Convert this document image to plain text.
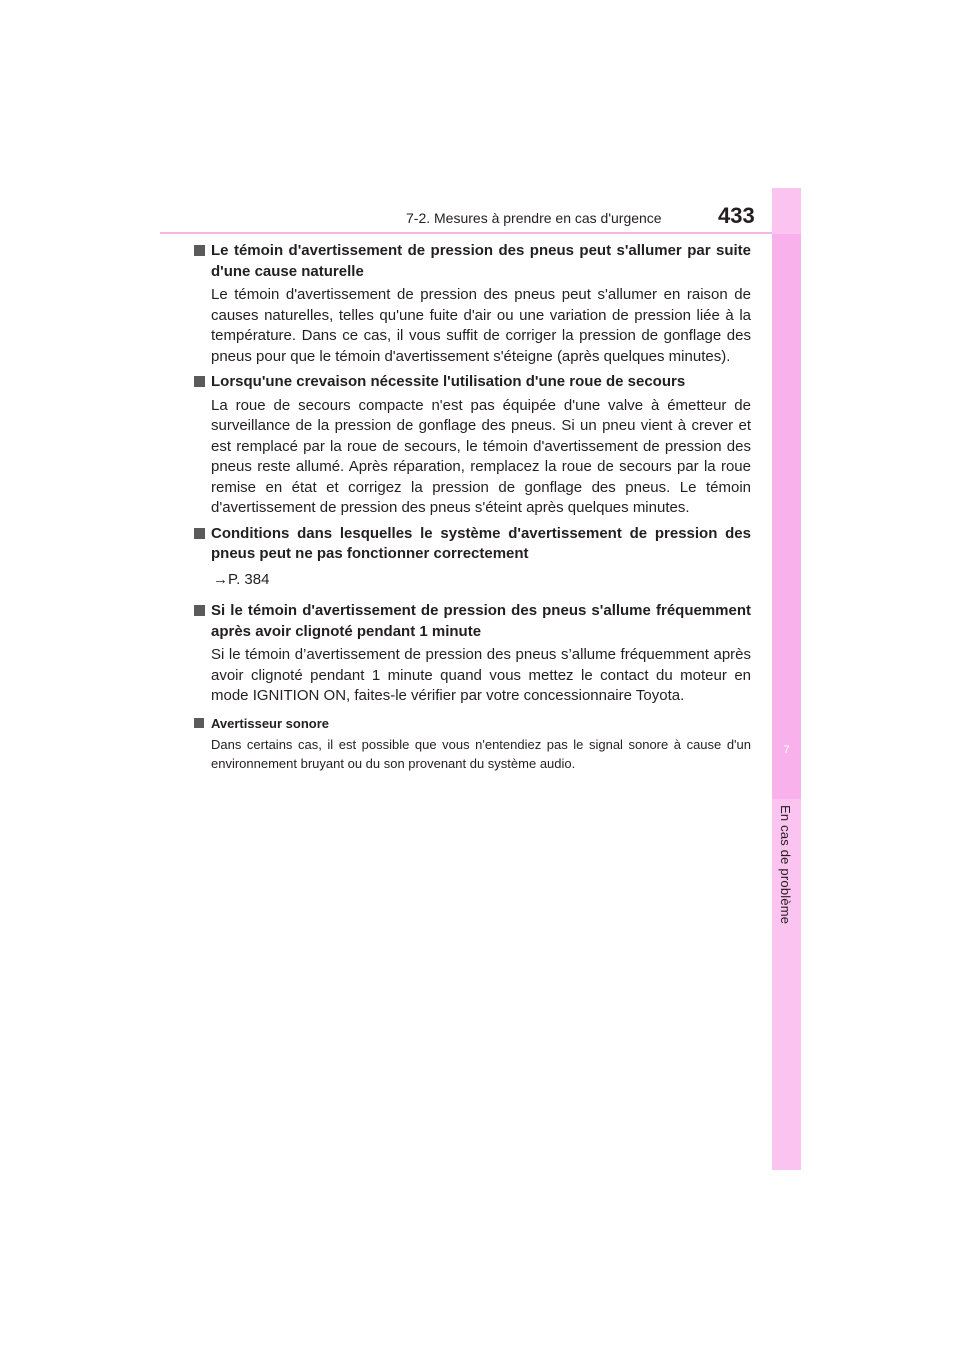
7
En cas de problème
7-2. Mesures à prendre en cas d'urgence	433
Le témoin d'avertissement de pression des pneus peut s'allumer par suite d'une cause naturelle
Le témoin d'avertissement de pression des pneus peut s'allumer en raison de causes naturelles, telles qu'une fuite d'air ou une variation de pression liée à la température. Dans ce cas, il vous suffit de corriger la pression de gonflage des pneus pour que le témoin d'avertissement s'éteigne (après quelques minutes).
Lorsqu'une crevaison nécessite l'utilisation d'une roue de secours
La roue de secours compacte n'est pas équipée d'une valve à émetteur de surveillance de la pression de gonflage des pneus. Si un pneu vient à crever et est remplacé par la roue de secours, le témoin d'avertissement de pression des pneus reste allumé. Après réparation, remplacez la roue de secours par la roue remise en état et corrigez la pression de gonflage des pneus. Le témoin d'avertissement de pression des pneus s'éteint après quelques minutes.
Conditions dans lesquelles le système d'avertissement de pression des pneus peut ne pas fonctionner correctement
→P. 384
Si le témoin d'avertissement de pression des pneus s'allume fréquemment après avoir clignoté pendant 1 minute
Si le témoin d’avertissement de pression des pneus s’allume fréquemment après avoir clignoté pendant 1 minute quand vous mettez le contact du moteur en mode IGNITION ON, faites-le vérifier par votre concessionnaire Toyota.
Avertisseur sonore
Dans certains cas, il est possible que vous n'entendiez pas le signal sonore à cause d'un environnement bruyant ou du son provenant du système audio.
